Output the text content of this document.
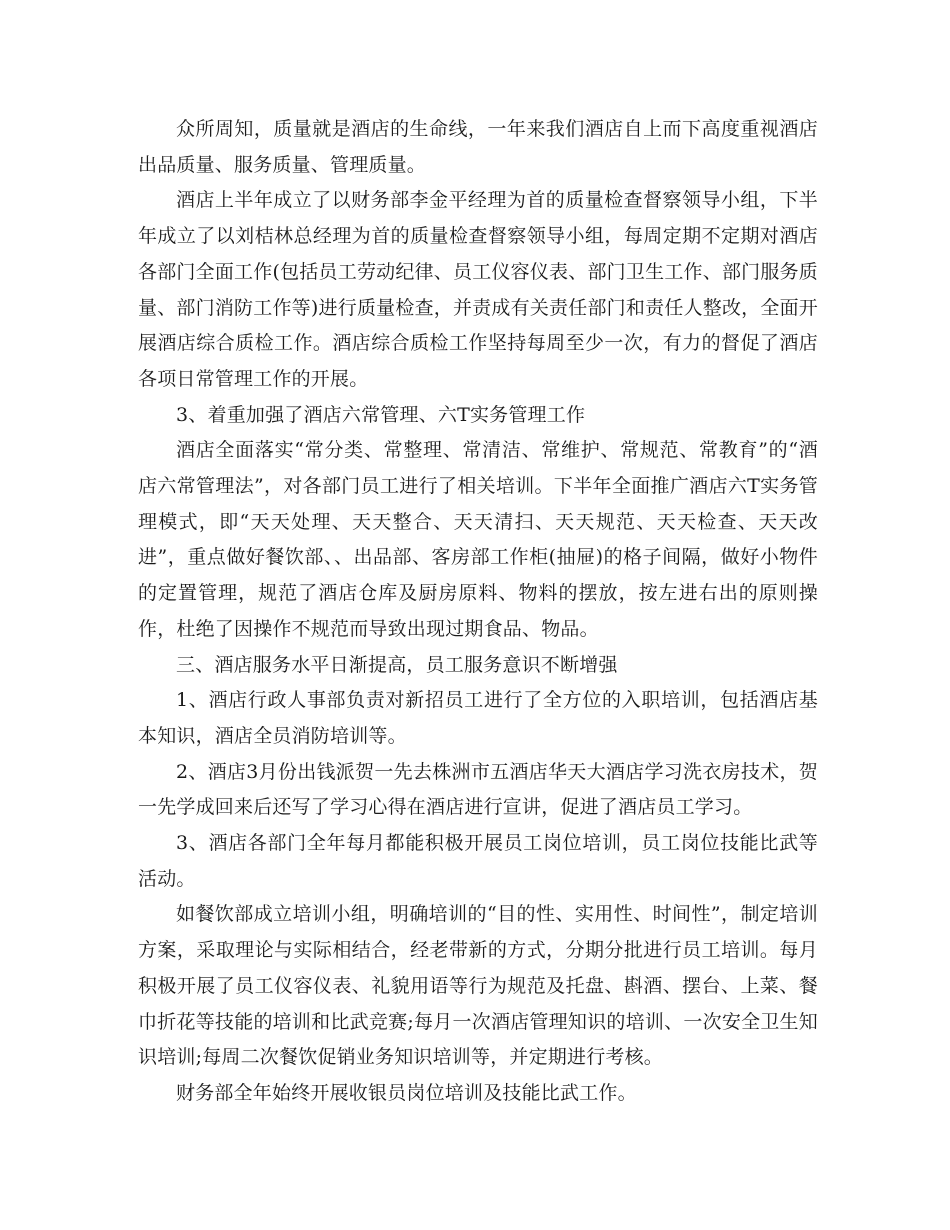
众所周知，质量就是酒店的生命线，一年来我们酒店自上而下高度重视酒店出品质量、服务质量、管理质量。

酒店上半年成立了以财务部李金平经理为首的质量检查督察领导小组，下半年成立了以刘桔林总经理为首的质量检查督察领导小组，每周定期不定期对酒店各部门全面工作(包括员工劳动纪律、员工仪容仪表、部门卫生工作、部门服务质量、部门消防工作等)进行质量检查，并责成有关责任部门和责任人整改，全面开展酒店综合质检工作。酒店综合质检工作坚持每周至少一次，有力的督促了酒店各项日常管理工作的开展。

3、着重加强了酒店六常管理、六T实务管理工作

酒店全面落实“常分类、常整理、常清洁、常维护、常规范、常教育”的“酒店六常管理法”，对各部门员工进行了相关培训。下半年全面推广酒店六T实务管理模式，即“天天处理、天天整合、天天清扫、天天规范、天天检查、天天改进”，重点做好餐饮部、、出品部、客房部工作柜(抽屉)的格子间隔，做好小物件的定置管理，规范了酒店仓库及厨房原料、物料的摆放，按左进右出的原则操作，杜绝了因操作不规范而导致出现过期食品、物品。

三、酒店服务水平日渐提高，员工服务意识不断增强

1、酒店行政人事部负责对新招员工进行了全方位的入职培训，包括酒店基本知识，酒店全员消防培训等。

2、酒店3月份出钱派贺一先去株洲市五酒店华天大酒店学习洗衣房技术，贺一先学成回来后还写了学习心得在酒店进行宣讲，促进了酒店员工学习。

3、酒店各部门全年每月都能积极开展员工岗位培训，员工岗位技能比武等活动。

如餐饮部成立培训小组，明确培训的“目的性、实用性、时间性”，制定培训方案，采取理论与实际相结合，经老带新的方式，分期分批进行员工培训。每月积极开展了员工仪容仪表、礼貌用语等行为规范及托盘、斟酒、摆台、上菜、餐巾折花等技能的培训和比武竞赛;每月一次酒店管理知识的培训、一次安全卫生知识培训;每周二次餐饮促销业务知识培训等，并定期进行考核。

财务部全年始终开展收银员岗位培训及技能比武工作。
